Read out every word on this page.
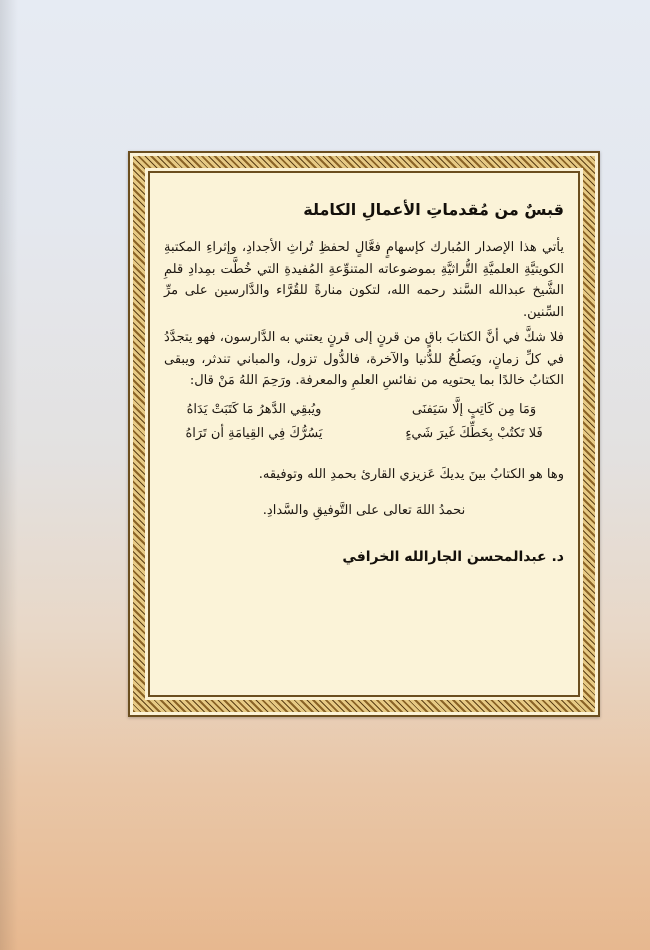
قبسٌ من مُقدماتِ الأعمالِ الكاملة

يأتي هذا الإصدار المُبارك كإسهامٍ فعَّالٍ لحفظِ تُراثِ الأجدادِ، وإثراءِ المكتبةِ الكويتيَّةِ العلميَّةِ التُّراثيَّةِ بموضوعاته المتنوِّعةِ المُفيدةِ التي خُطَّت بمِدادِ قلمِ الشَّيخ عبدالله السَّند رحمه الله، لتكون منارةً للقُرَّاء والدَّارسين على مرِّ السِّنين.

فلا شكَّ في أنَّ الكتابَ باقٍ من قرنٍ إلى قرنٍ يعتني به الدَّارسون، فهو يتجدَّدُ في كلِّ زمانٍ، ويَصلُحُ للدُّنيا والآخرة، فالدُّول تزول، والمباني تندثر، ويبقى الكتابُ خالدًا بما يحتويه من نفائسِ العلمِ والمعرفة. ورَحِمَ اللهُ مَنْ قال:

وَمَا مِن كَاتِبٍ إلَّا سَيَفنَى
ويُبقِي الدَّهرُ مَا كَتَبَتْ يَدَاهُ
فَلا تَكتُبْ بِخَطِّكَ غَيرَ شَيءٍ
يَسُرُّكَ فِي القِيامَةِ أن تَرَاهُ
وها هو الكتابُ بينَ يديكَ عَزيزي القارئ بحمدِ الله وتوفيقه.
نحمدُ اللهَ تعالى على التَّوفيقِ والسَّدادِ.
د. عبدالمحسن الجارالله الخرافي
